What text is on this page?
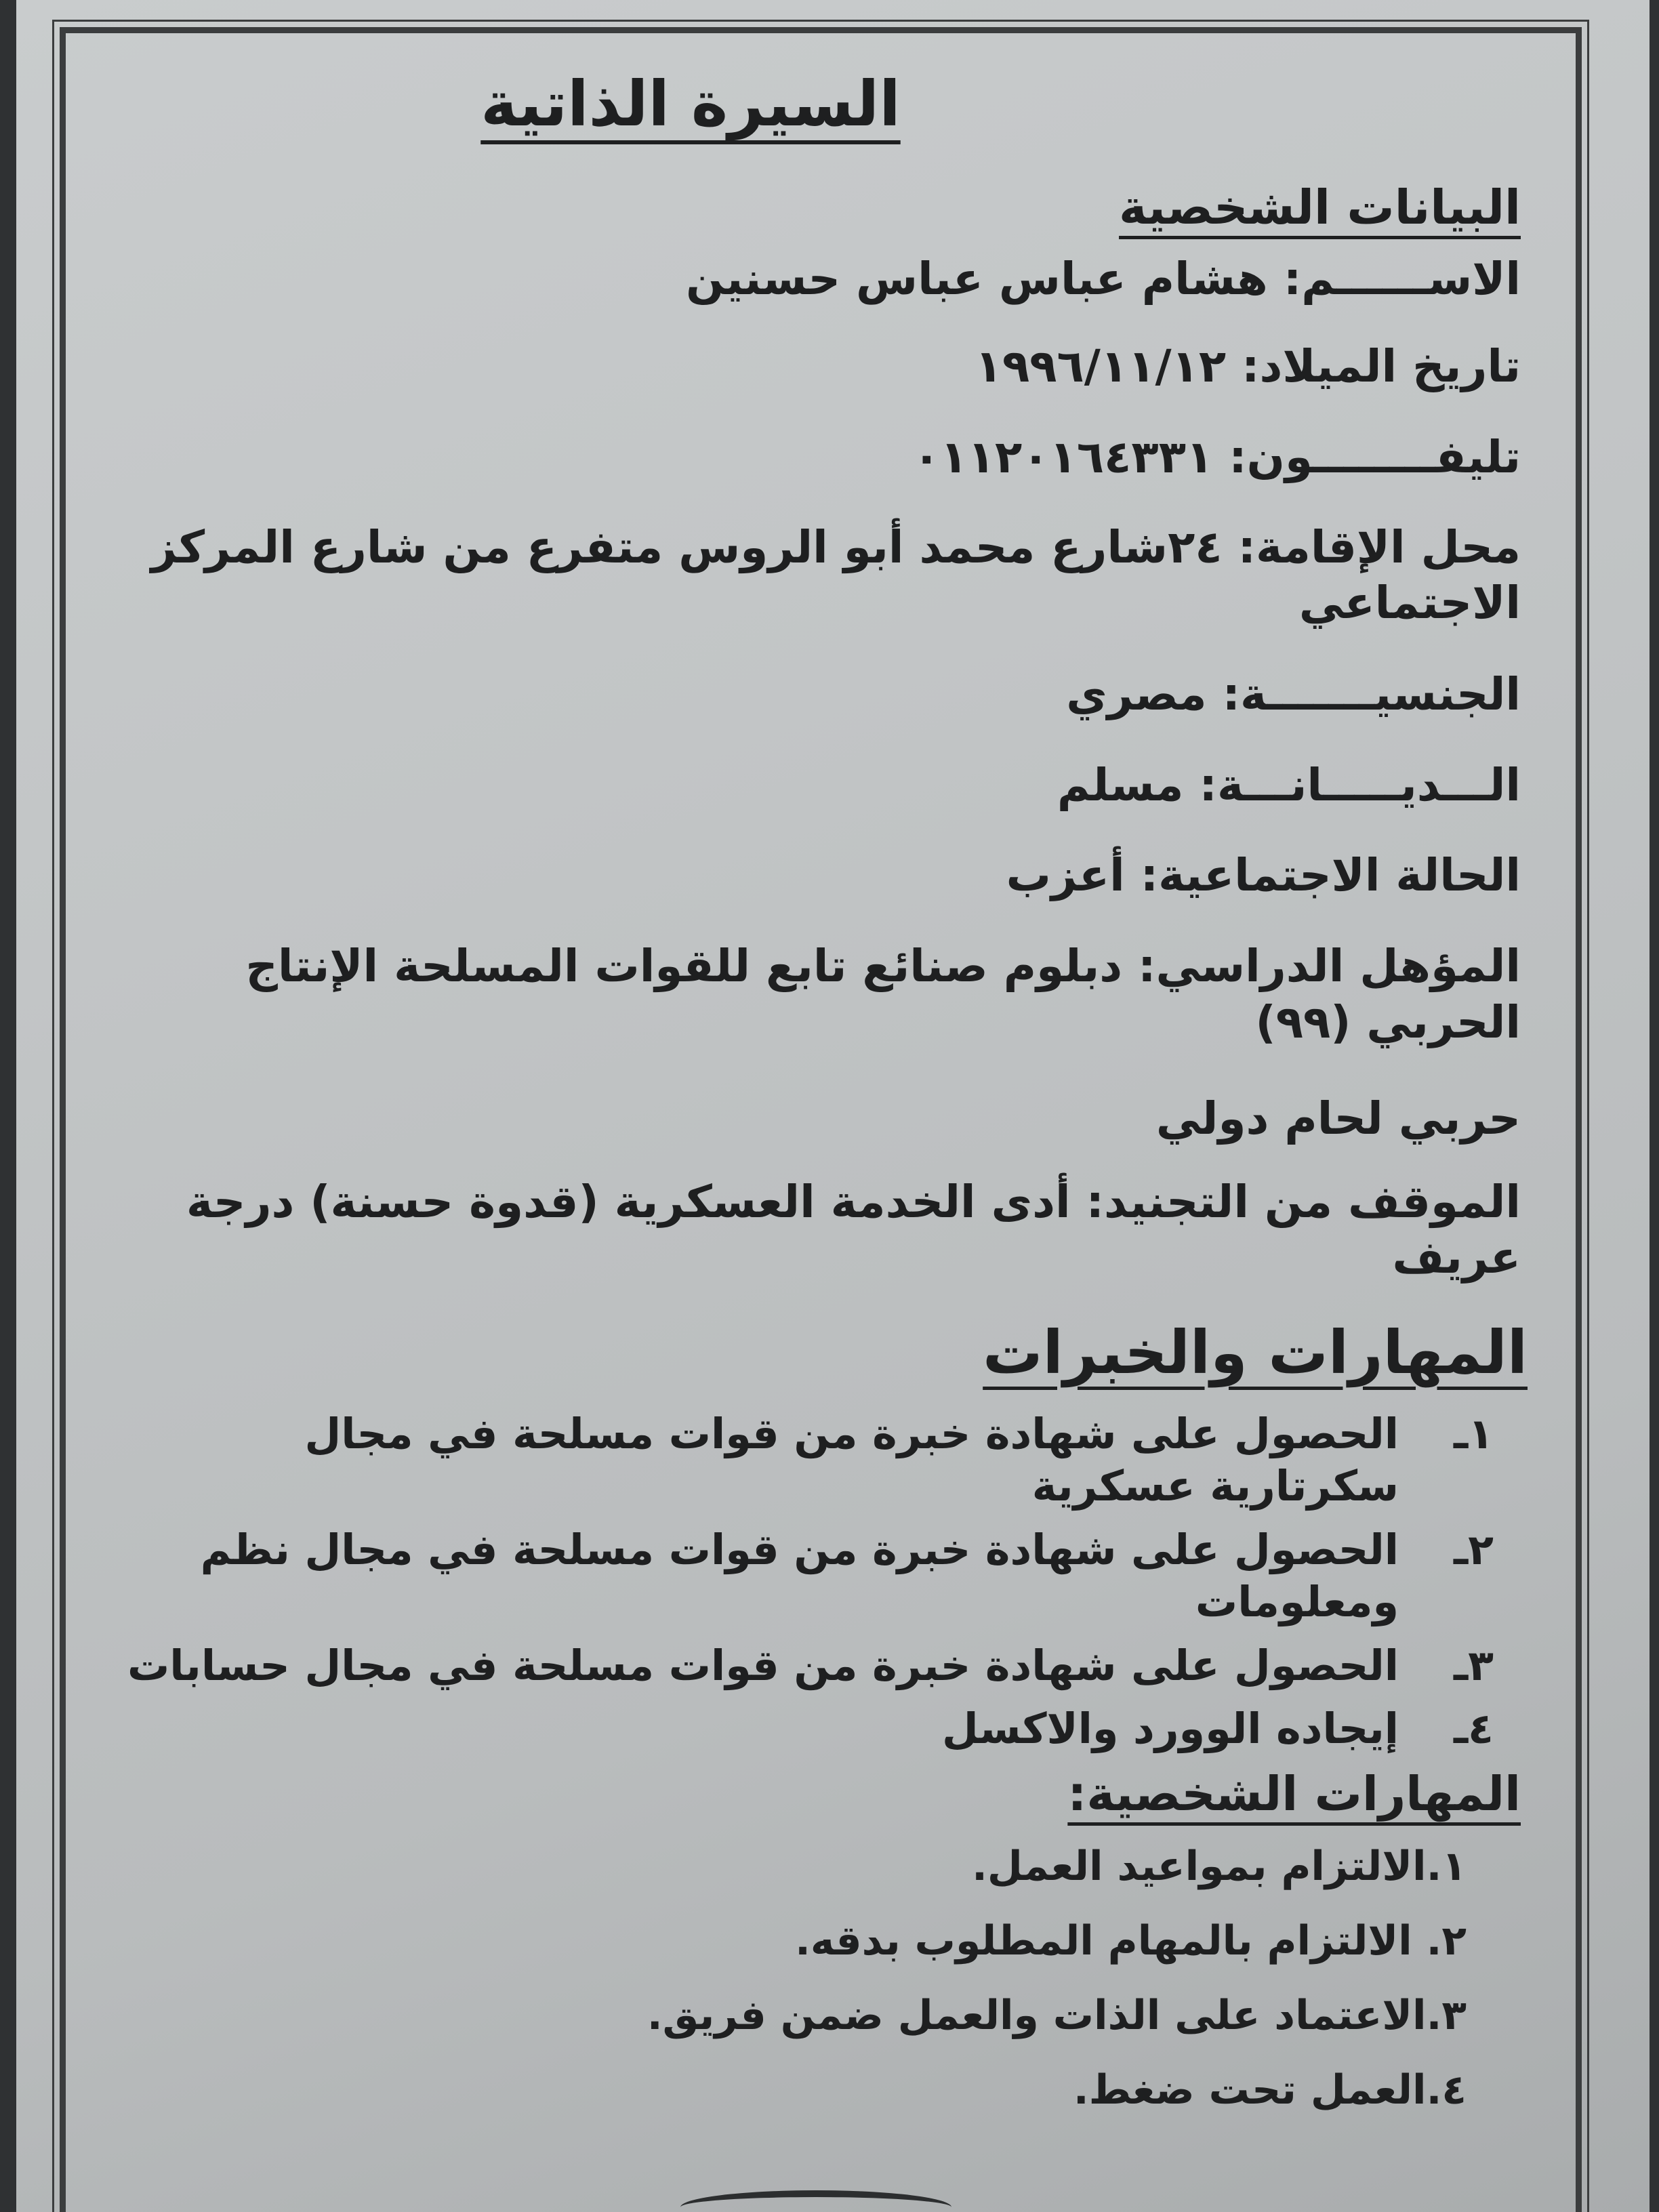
السيرة الذاتية
البيانات الشخصية
الاســــــم: هشام عباس عباس حسنين
تاريخ الميلاد: ١٩٩٦/١١/١٢
تليفــــــــون: ٠١١٢٠١٦٤٣٣١
محل الإقامة: ٢٤شارع محمد أبو الروس متفرع من شارع المركز الاجتماعي
الجنسيـــــــة: مصري
الـــديـــــانـــة: مسلم
الحالة الاجتماعية: أعزب
المؤهل الدراسي: دبلوم صنائع تابع للقوات المسلحة الإنتاج الحربي (٩٩)
حربي لحام دولي
الموقف من التجنيد: أدى الخدمة العسكرية (قدوة حسنة) درجة عريف
المهارات والخبرات
١ـ
الحصول على شهادة خبرة من قوات مسلحة في مجال سكرتارية عسكرية
٢ـ
الحصول على شهادة خبرة من قوات مسلحة في مجال نظم ومعلومات
٣ـ
الحصول على شهادة خبرة من قوات مسلحة في مجال حسابات
٤ـ
إيجاده الوورد والاكسل
المهارات الشخصية:
١.الالتزام بمواعيد العمل.
٢. الالتزام بالمهام المطلوب بدقه.
٣.الاعتماد على الذات والعمل ضمن فريق.
٤.العمل تحت ضغط.
